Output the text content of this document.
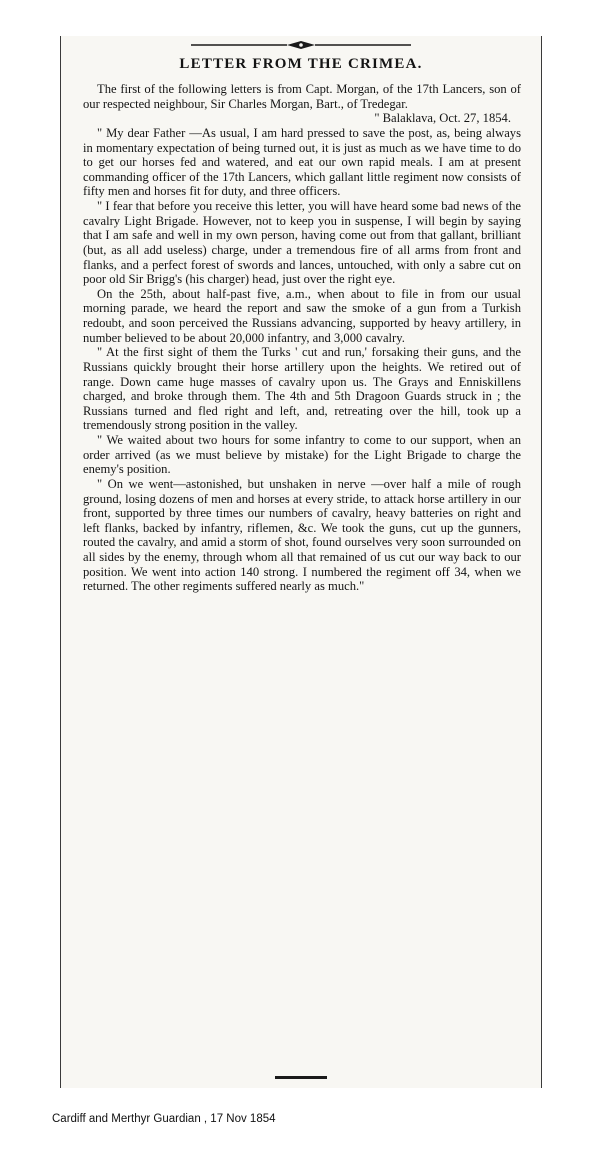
LETTER FROM THE CRIMEA.

The first of the following letters is from Capt. Morgan, of the 17th Lancers, son of our respected neighbour, Sir Charles Morgan, Bart., of Tredegar.

" Balaklava, Oct. 27, 1854.

" My dear Father —As usual, I am hard pressed to save the post, as, being always in momentary expectation of being turned out, it is just as much as we have time to do to get our horses fed and watered, and eat our own rapid meals. I am at present commanding officer of the 17th Lancers, which gallant little regiment now consists of fifty men and horses fit for duty, and three officers.

" I fear that before you receive this letter, you will have heard some bad news of the cavalry Light Brigade. However, not to keep you in suspense, I will begin by saying that I am safe and well in my own person, having come out from that gallant, brilliant (but, as all add useless) charge, under a tremendous fire of all arms from front and flanks, and a perfect forest of swords and lances, untouched, with only a sabre cut on poor old Sir Brigg's (his charger) head, just over the right eye.

On the 25th, about half-past five, a.m., when about to file in from our usual morning parade, we heard the report and saw the smoke of a gun from a Turkish redoubt, and soon perceived the Russians advancing, supported by heavy artillery, in number believed to be about 20,000 infantry, and 3,000 cavalry.

" At the first sight of them the Turks ' cut and run,' forsaking their guns, and the Russians quickly brought their horse artillery upon the heights. We retired out of range. Down came huge masses of cavalry upon us. The Grays and Enniskillens charged, and broke through them. The 4th and 5th Dragoon Guards struck in ; the Russians turned and fled right and left, and, retreating over the hill, took up a tremendously strong position in the valley.

" We waited about two hours for some infantry to come to our support, when an order arrived (as we must believe by mistake) for the Light Brigade to charge the enemy's position.

" On we went—astonished, but unshaken in nerve —over half a mile of rough ground, losing dozens of men and horses at every stride, to attack horse artillery in our front, supported by three times our numbers of cavalry, heavy batteries on right and left flanks, backed by infantry, riflemen, &c. We took the guns, cut up the gunners, routed the cavalry, and amid a storm of shot, found ourselves very soon surrounded on all sides by the enemy, through whom all that remained of us cut our way back to our position. We went into action 140 strong. I numbered the regiment off 34, when we returned. The other regiments suffered nearly as much."

Cardiff and Merthyr Guardian , 17 Nov 1854
